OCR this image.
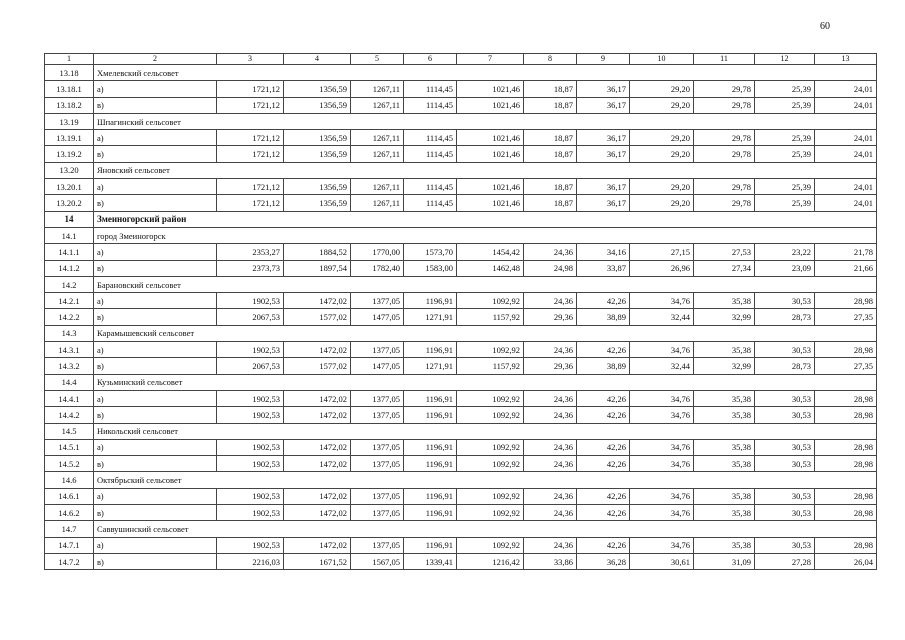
60
1	2	3	4	5	6	7	8	9	10	11	12	13
13.18	Хмелевский сельсовет											
13.18.1	а)	1721,12	1356,59	1267,11	1114,45	1021,46	18,87	36,17	29,20	29,78	25,39	24,01
13.18.2	в)	1721,12	1356,59	1267,11	1114,45	1021,46	18,87	36,17	29,20	29,78	25,39	24,01
13.19	Шпагинский сельсовет											
13.19.1	а)	1721,12	1356,59	1267,11	1114,45	1021,46	18,87	36,17	29,20	29,78	25,39	24,01
13.19.2	в)	1721,12	1356,59	1267,11	1114,45	1021,46	18,87	36,17	29,20	29,78	25,39	24,01
13.20	Яновский сельсовет											
13.20.1	а)	1721,12	1356,59	1267,11	1114,45	1021,46	18,87	36,17	29,20	29,78	25,39	24,01
13.20.2	в)	1721,12	1356,59	1267,11	1114,45	1021,46	18,87	36,17	29,20	29,78	25,39	24,01
14	Змеиногорский район											
14.1	город Змеиногорск											
14.1.1	а)	2353,27	1884,52	1770,00	1573,70	1454,42	24,36	34,16	27,15	27,53	23,22	21,78
14.1.2	в)	2373,73	1897,54	1782,40	1583,00	1462,48	24,98	33,87	26,96	27,34	23,09	21,66
14.2	Барановский сельсовет											
14.2.1	а)	1902,53	1472,02	1377,05	1196,91	1092,92	24,36	42,26	34,76	35,38	30,53	28,98
14.2.2	в)	2067,53	1577,02	1477,05	1271,91	1157,92	29,36	38,89	32,44	32,99	28,73	27,35
14.3	Карамышевский сельсовет											
14.3.1	а)	1902,53	1472,02	1377,05	1196,91	1092,92	24,36	42,26	34,76	35,38	30,53	28,98
14.3.2	в)	2067,53	1577,02	1477,05	1271,91	1157,92	29,36	38,89	32,44	32,99	28,73	27,35
14.4	Кузьминский сельсовет											
14.4.1	а)	1902,53	1472,02	1377,05	1196,91	1092,92	24,36	42,26	34,76	35,38	30,53	28,98
14.4.2	в)	1902,53	1472,02	1377,05	1196,91	1092,92	24,36	42,26	34,76	35,38	30,53	28,98
14.5	Никольский сельсовет											
14.5.1	а)	1902,53	1472,02	1377,05	1196,91	1092,92	24,36	42,26	34,76	35,38	30,53	28,98
14.5.2	в)	1902,53	1472,02	1377,05	1196,91	1092,92	24,36	42,26	34,76	35,38	30,53	28,98
14.6	Октябрьский сельсовет											
14.6.1	а)	1902,53	1472,02	1377,05	1196,91	1092,92	24,36	42,26	34,76	35,38	30,53	28,98
14.6.2	в)	1902,53	1472,02	1377,05	1196,91	1092,92	24,36	42,26	34,76	35,38	30,53	28,98
14.7	Саввушинский сельсовет											
14.7.1	а)	1902,53	1472,02	1377,05	1196,91	1092,92	24,36	42,26	34,76	35,38	30,53	28,98
14.7.2	в)	2216,03	1671,52	1567,05	1339,41	1216,42	33,86	36,28	30,61	31,09	27,28	26,04
